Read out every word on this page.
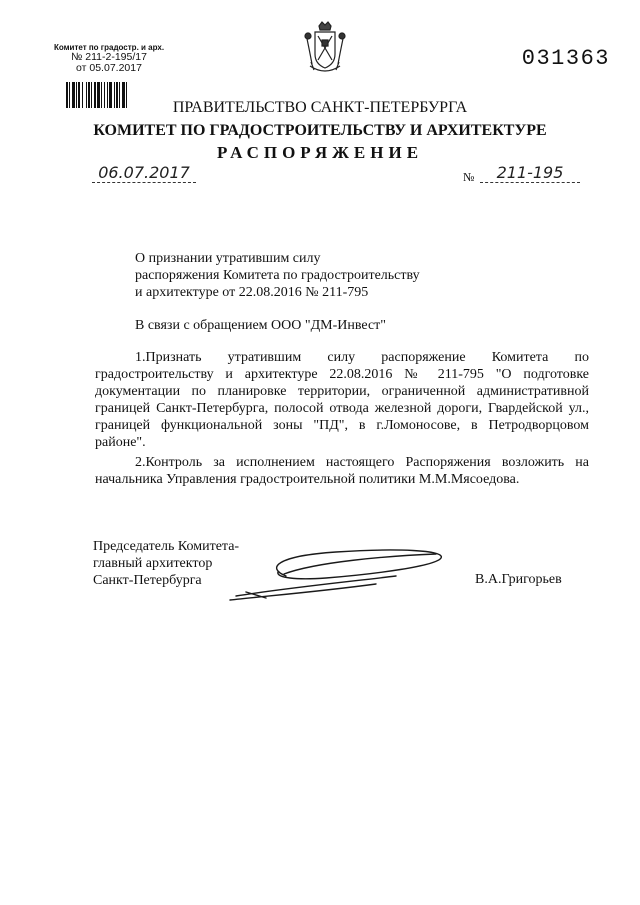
Комитет по градостр. и арх.
№ 211-2-195/17
от 05.07.2017	031363
ПРАВИТЕЛЬСТВО САНКТ-ПЕТЕРБУРГА
КОМИТЕТ ПО ГРАДОСТРОИТЕЛЬСТВУ И АРХИТЕКТУРЕ
РАСПОРЯЖЕНИЕ
06.07.2017	№	211-195
О признании утратившим силу
распоряжения Комитета по градостроительству
и архитектуре от 22.08.2016 № 211-795
В связи с обращением ООО "ДМ-Инвест"
1.Признать утратившим силу распоряжение Комитета по градостроительству и архитектуре 22.08.2016 № 211-795 "О подготовке документации по планировке территории, ограниченной административной границей Санкт-Петербурга, полосой отвода железной дороги, Гвардейской ул., границей функциональной зоны "ПД", в г.Ломоносове, в Петродворцовом районе".
2.Контроль за исполнением настоящего Распоряжения возложить на начальника Управления градостроительной политики М.М.Мясоедова.
Председатель Комитета-
главный архитектор
Санкт-Петербурга	В.А.Григорьев
